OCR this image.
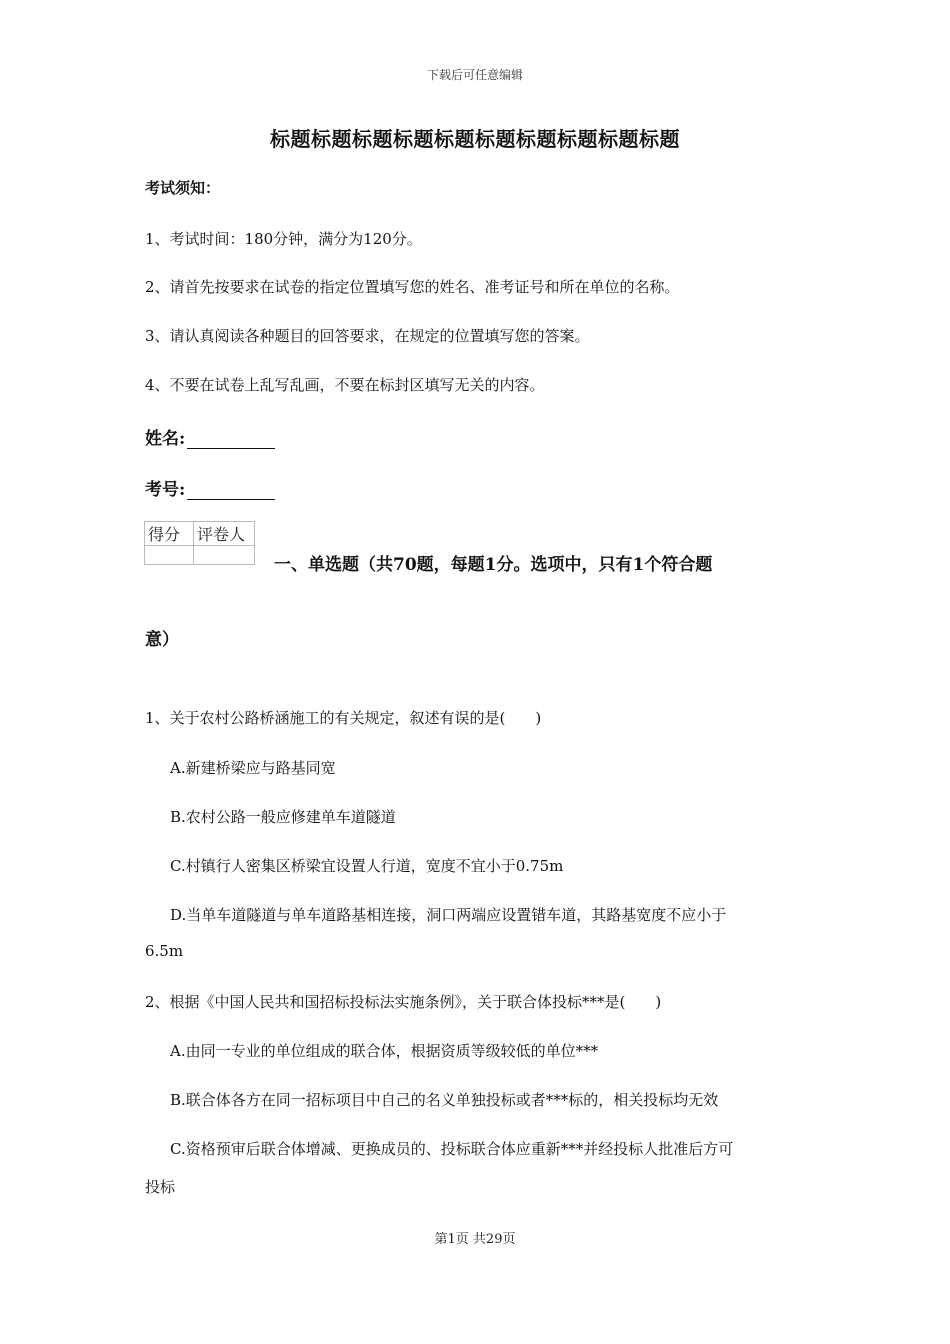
下载后可任意编辑
标题标题标题标题标题标题标题标题标题标题
考试须知：
1、考试时间：180分钟，满分为120分。
2、请首先按要求在试卷的指定位置填写您的姓名、准考证号和所在单位的名称。
3、请认真阅读各种题目的回答要求，在规定的位置填写您的答案。
4、不要在试卷上乱写乱画，不要在标封区填写无关的内容。
姓名:
考号:
得分	评卷人

一、单选题（共70题，每题1分。选项中，只有1个符合题
意）
1、关于农村公路桥涵施工的有关规定，叙述有误的是(　　)
A.新建桥梁应与路基同宽
B.农村公路一般应修建单车道隧道
C.村镇行人密集区桥梁宜设置人行道，宽度不宜小于0.75m
D.当单车道隧道与单车道路基相连接，洞口两端应设置错车道，其路基宽度不应小于
6.5m
2、根据《中国人民共和国招标投标法实施条例》，关于联合体投标***是(　　)
A.由同一专业的单位组成的联合体，根据资质等级较低的单位***
B.联合体各方在同一招标项目中自己的名义单独投标或者***标的，相关投标均无效
C.资格预审后联合体增减、更换成员的、投标联合体应重新***并经投标人批准后方可
投标
第1页 共29页
